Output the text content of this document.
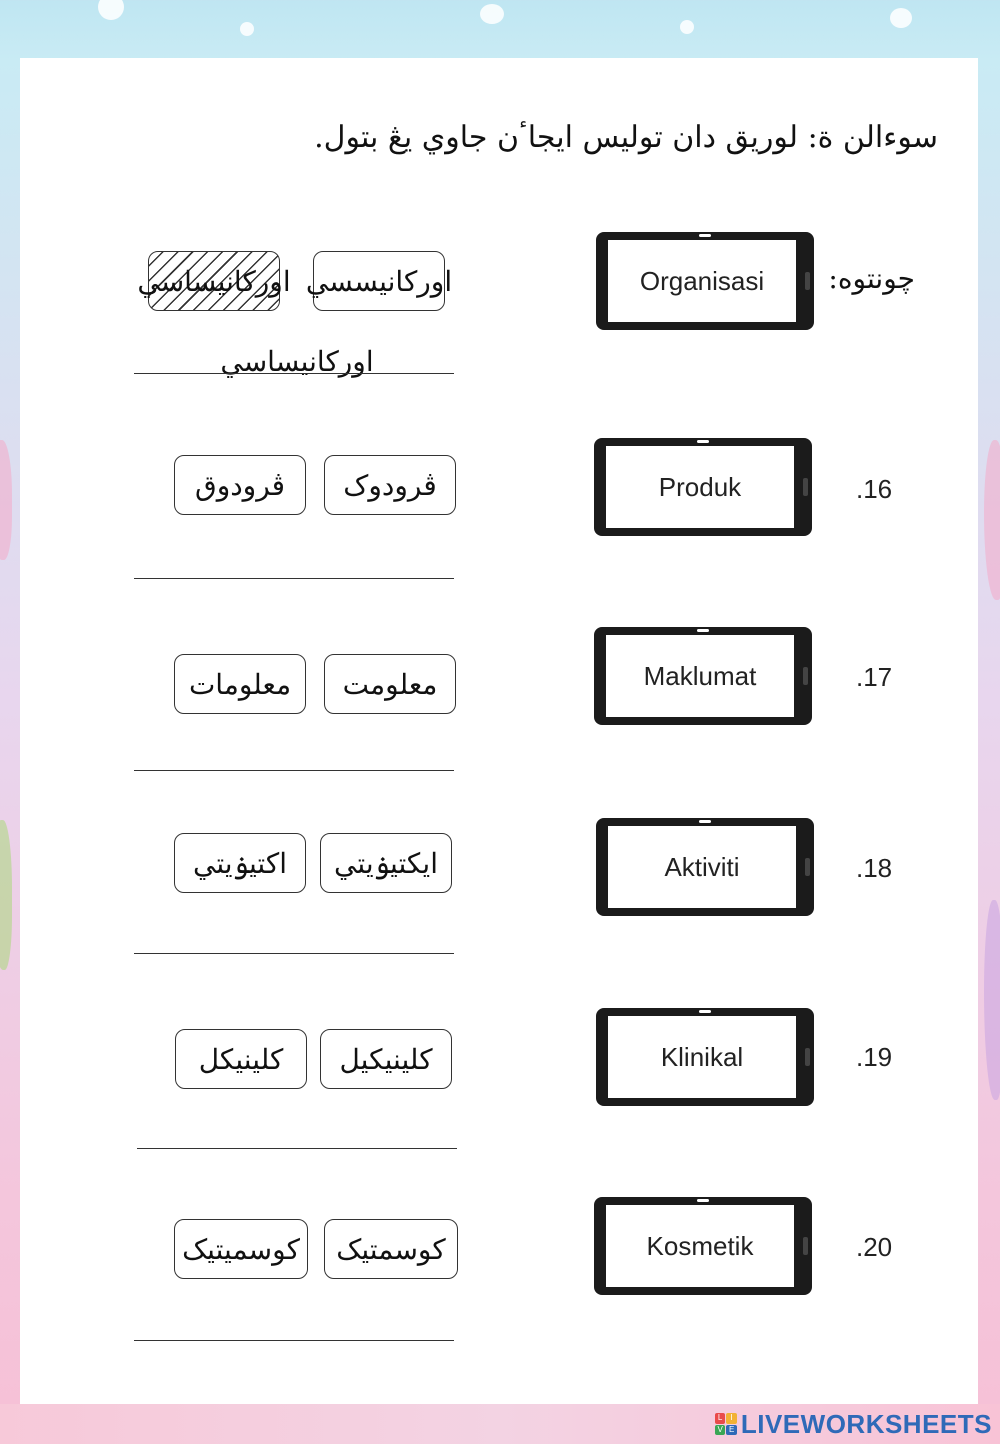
سوءالن ة: لوريق دان توليس ايجاٴن جاوي يڠ بتول.
چونتوه:
Organisasi
اورکانيسسي
اورکانيساسي
اورکانيساسي
.16
Produk
ڤرودوک
ڤرودوق
.17
Maklumat
معلومت
معلومات
.18
Aktiviti
ايکتيۏيتي
اکتيۏيتي
.19
Klinikal
کلينيکيل
کلينيکل
.20
Kosmetik
کوسمتيک
کوسميتيک
L	I
V E LIVEWORKSHEETS
